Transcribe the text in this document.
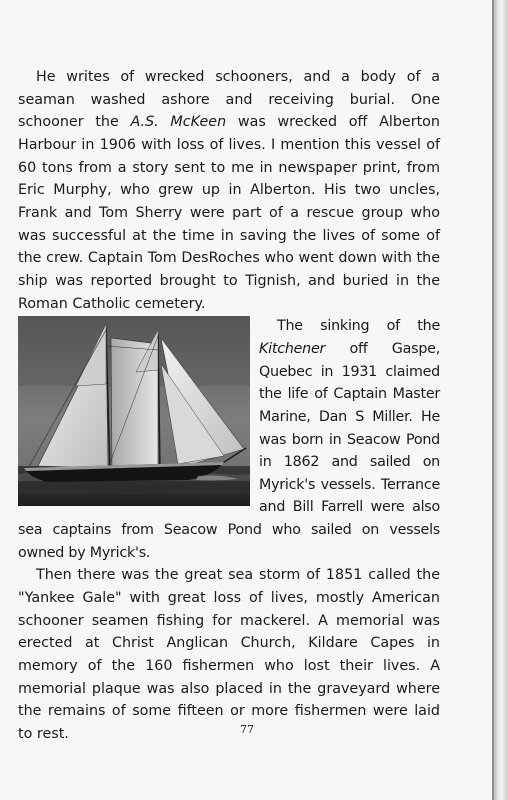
He writes of wrecked schooners, and a body of a seaman washed ashore and receiving burial. One schooner the A.S. McKeen was wrecked off Alberton Harbour in 1906 with loss of lives. I mention this vessel of 60 tons from a story sent to me in newspaper print, from Eric Murphy, who grew up in Alberton. His two uncles, Frank and Tom Sherry were part of a rescue group who was successful at the time in saving the lives of some of the crew. Captain Tom DesRoches who went down with the ship was reported brought to Tignish, and buried in the Roman Catholic cemetery.

The sinking of the Kitchener off Gaspe, Quebec in 1931 claimed the life of Captain Master Marine, Dan S Miller. He was born in Seacow Pond in 1862 and sailed on Myrick's vessels. Terrance and Bill Farrell were also sea captains from Seacow Pond who sailed on vessels owned by Myrick's.

Then there was the great sea storm of 1851 called the "Yankee Gale" with great loss of lives, mostly American schooner seamen fishing for mackerel. A memorial was erected at Christ Anglican Church, Kildare Capes in memory of the 160 fishermen who lost their lives. A memorial plaque was also placed in the graveyard where the remains of some fifteen or more fishermen were laid to rest.	77
